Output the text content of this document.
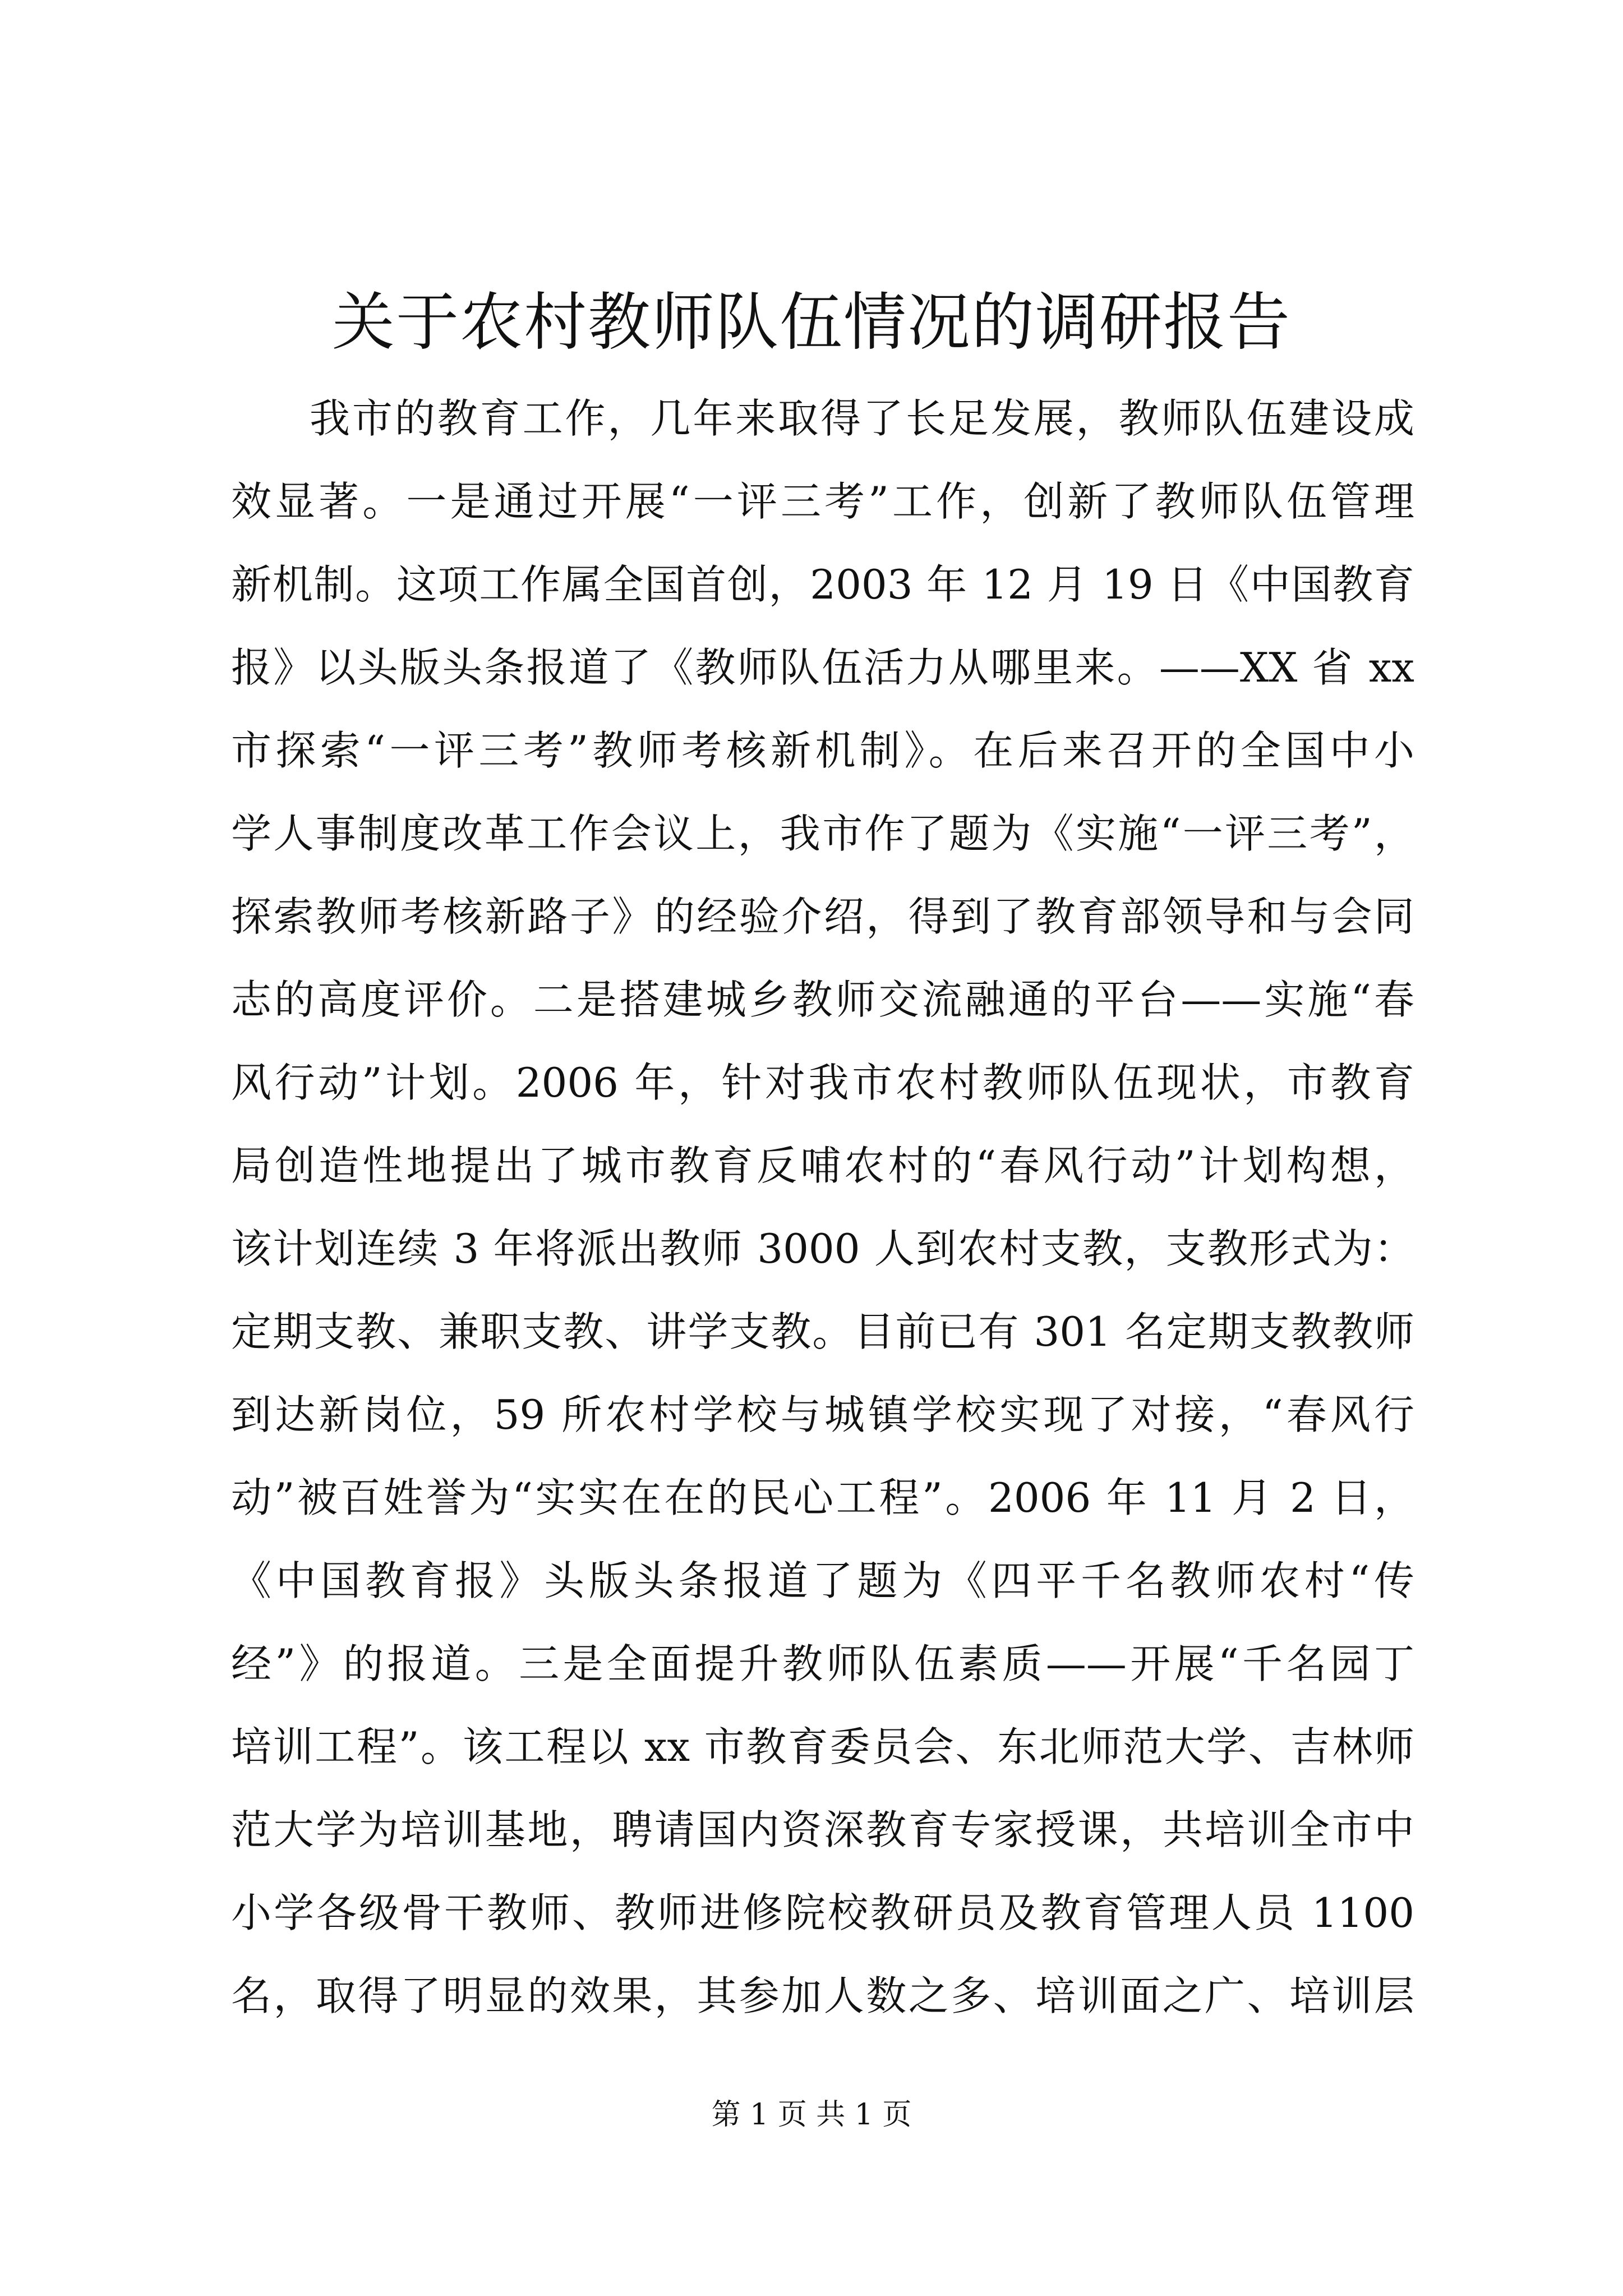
关于农村教师队伍情况的调研报告
我市的教育工作，几年来取得了长足发展，教师队伍建设成
效显著。一是通过开展“一评三考”工作，创新了教师队伍管理
新机制。这项工作属全国首创，2003 年 12 月 19 日《中国教育
报》以头版头条报道了《教师队伍活力从哪里来。——XX 省 xx
市探索“一评三考”教师考核新机制》。在后来召开的全国中小
学人事制度改革工作会议上，我市作了题为《实施“一评三考”，
探索教师考核新路子》的经验介绍，得到了教育部领导和与会同
志的高度评价。二是搭建城乡教师交流融通的平台——实施“春
风行动”计划。2006 年，针对我市农村教师队伍现状，市教育
局创造性地提出了城市教育反哺农村的“春风行动”计划构想，
该计划连续 3 年将派出教师 3000 人到农村支教，支教形式为：
定期支教、兼职支教、讲学支教。目前已有 301 名定期支教教师
到达新岗位，59 所农村学校与城镇学校实现了对接，“春风行
动”被百姓誉为“实实在在的民心工程”。2006 年 11 月 2 日，
《中国教育报》头版头条报道了题为《四平千名教师农村“传
经”》的报道。三是全面提升教师队伍素质——开展“千名园丁
培训工程”。该工程以 xx 市教育委员会、东北师范大学、吉林师
范大学为培训基地，聘请国内资深教育专家授课，共培训全市中
小学各级骨干教师、教师进修院校教研员及教育管理人员 1100
名，取得了明显的效果，其参加人数之多、培训面之广、培训层
第 1 页 共 1 页
